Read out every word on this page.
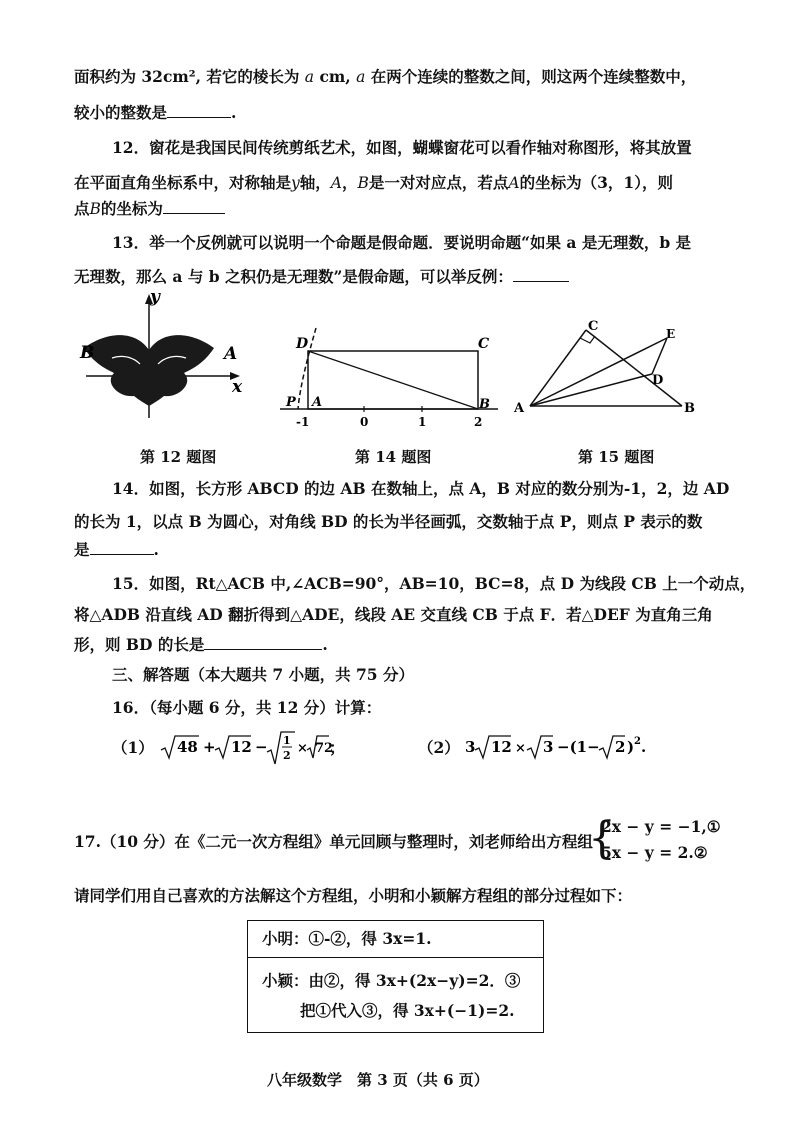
面积约为 32cm², 若它的棱长为 a cm, a 在两个连续的整数之间，则这两个连续整数中，
较小的整数是	.
12．窗花是我国民间传统剪纸艺术，如图，蝴蝶窗花可以看作轴对称图形，将其放置
在平面直角坐标系中，对称轴是y轴，A，B是一对对应点，若点A的坐标为（3，1），则
点B的坐标为
13．举一个反例就可以说明一个命题是假命题．要说明命题“如果 a 是无理数，b 是
无理数，那么 a 与 b 之积仍是无理数”是假命题，可以举反例：
y
x
B	A	D	C
P A	B
-1	0	1	2
C	E
D
A	B
第 12 题图	第 14 题图	第 15 题图
14．如图，长方形 ABCD 的边 AB 在数轴上，点 A，B 对应的数分别为-1，2，边 AD
的长为 1，以点 B 为圆心，对角线 BD 的长为半径画弧，交数轴于点 P，则点 P 表示的数
是	.
15．如图，Rt△ACB 中,∠ACB=90°，AB=10，BC=8，点 D 为线段 CB 上一个动点，
将△ADB 沿直线 AD 翻折得到△ADE，线段 AE 交直线 CB 于点 F．若△DEF 为直角三角
形，则 BD 的长是	.
三、解答题（本大题共 7 小题，共 75 分）
16．（每小题 6 分，共 12 分）计算：
（1） 48 + 12 − 1
2 × 72
；	（2） 3 12 × 3 −(1− 2 ) 2 .
17.（10 分）在《二元一次方程组》单元回顾与整理时，刘老师给出方程组
{
2x − y = −1,①
5x − y = 2.②
请同学们用自己喜欢的方法解这个方程组，小明和小颖解方程组的部分过程如下：
小明：①-②，得 3x=1.
小颖：由②，得 3x+(2x−y)=2．③
把①代入③，得 3x+(−1)=2.
八年级数学　第 3 页（共 6 页）
